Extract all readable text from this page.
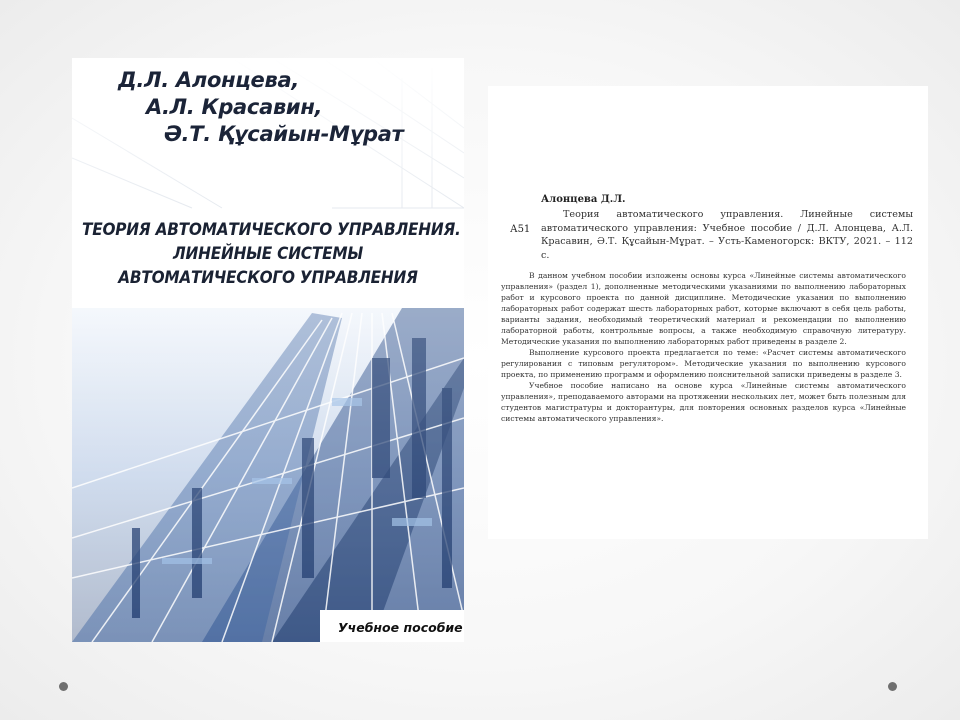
Д.Л. Алонцева,

А.Л. Красавин,

Ә.Т. Құсайын-Мұрат

ТЕОРИЯ АВТОМАТИЧЕСКОГО УПРАВЛЕНИЯ.
ЛИНЕЙНЫЕ СИСТЕМЫ
АВТОМАТИЧЕСКОГО УПРАВЛЕНИЯ
Учебное пособие
Алонцева Д.Л.
А51
Теория автоматического управления. Линейные системы автоматического управления: Учебное пособие / Д.Л. Алонцева, А.Л. Красавин, Ә.Т. Құсайын-Мұрат. – Усть-Каменогорск: ВКТУ, 2021. – 112 с.

В данном учебном пособии изложены основы курса «Линейные системы автоматического управления» (раздел 1), дополненные методическими указаниями по выполнению лабораторных работ и курсового проекта по данной дисциплине. Методические указания по выполнению лабораторных работ содержат шесть лабораторных работ, которые включают в себя цель работы, варианты задания, необходимый теоретический материал и рекомендации по выполнению лабораторной работы, контрольные вопросы, а также необходимую справочную литературу. Методические указания по выполнению лабораторных работ приведены в разделе 2.

Выполнение курсового проекта предлагается по теме: «Расчет системы автоматического регулирования с типовым регулятором». Методические указания по выполнению курсового проекта, по применению программ и оформлению пояснительной записки приведены в разделе 3.

Учебное пособие написано на основе курса «Линейные системы автоматического управления», преподаваемого авторами на протяжении нескольких лет, может быть полезным для студентов магистратуры и докторантуры, для повторения основных разделов курса «Линейные системы автоматического управления».
